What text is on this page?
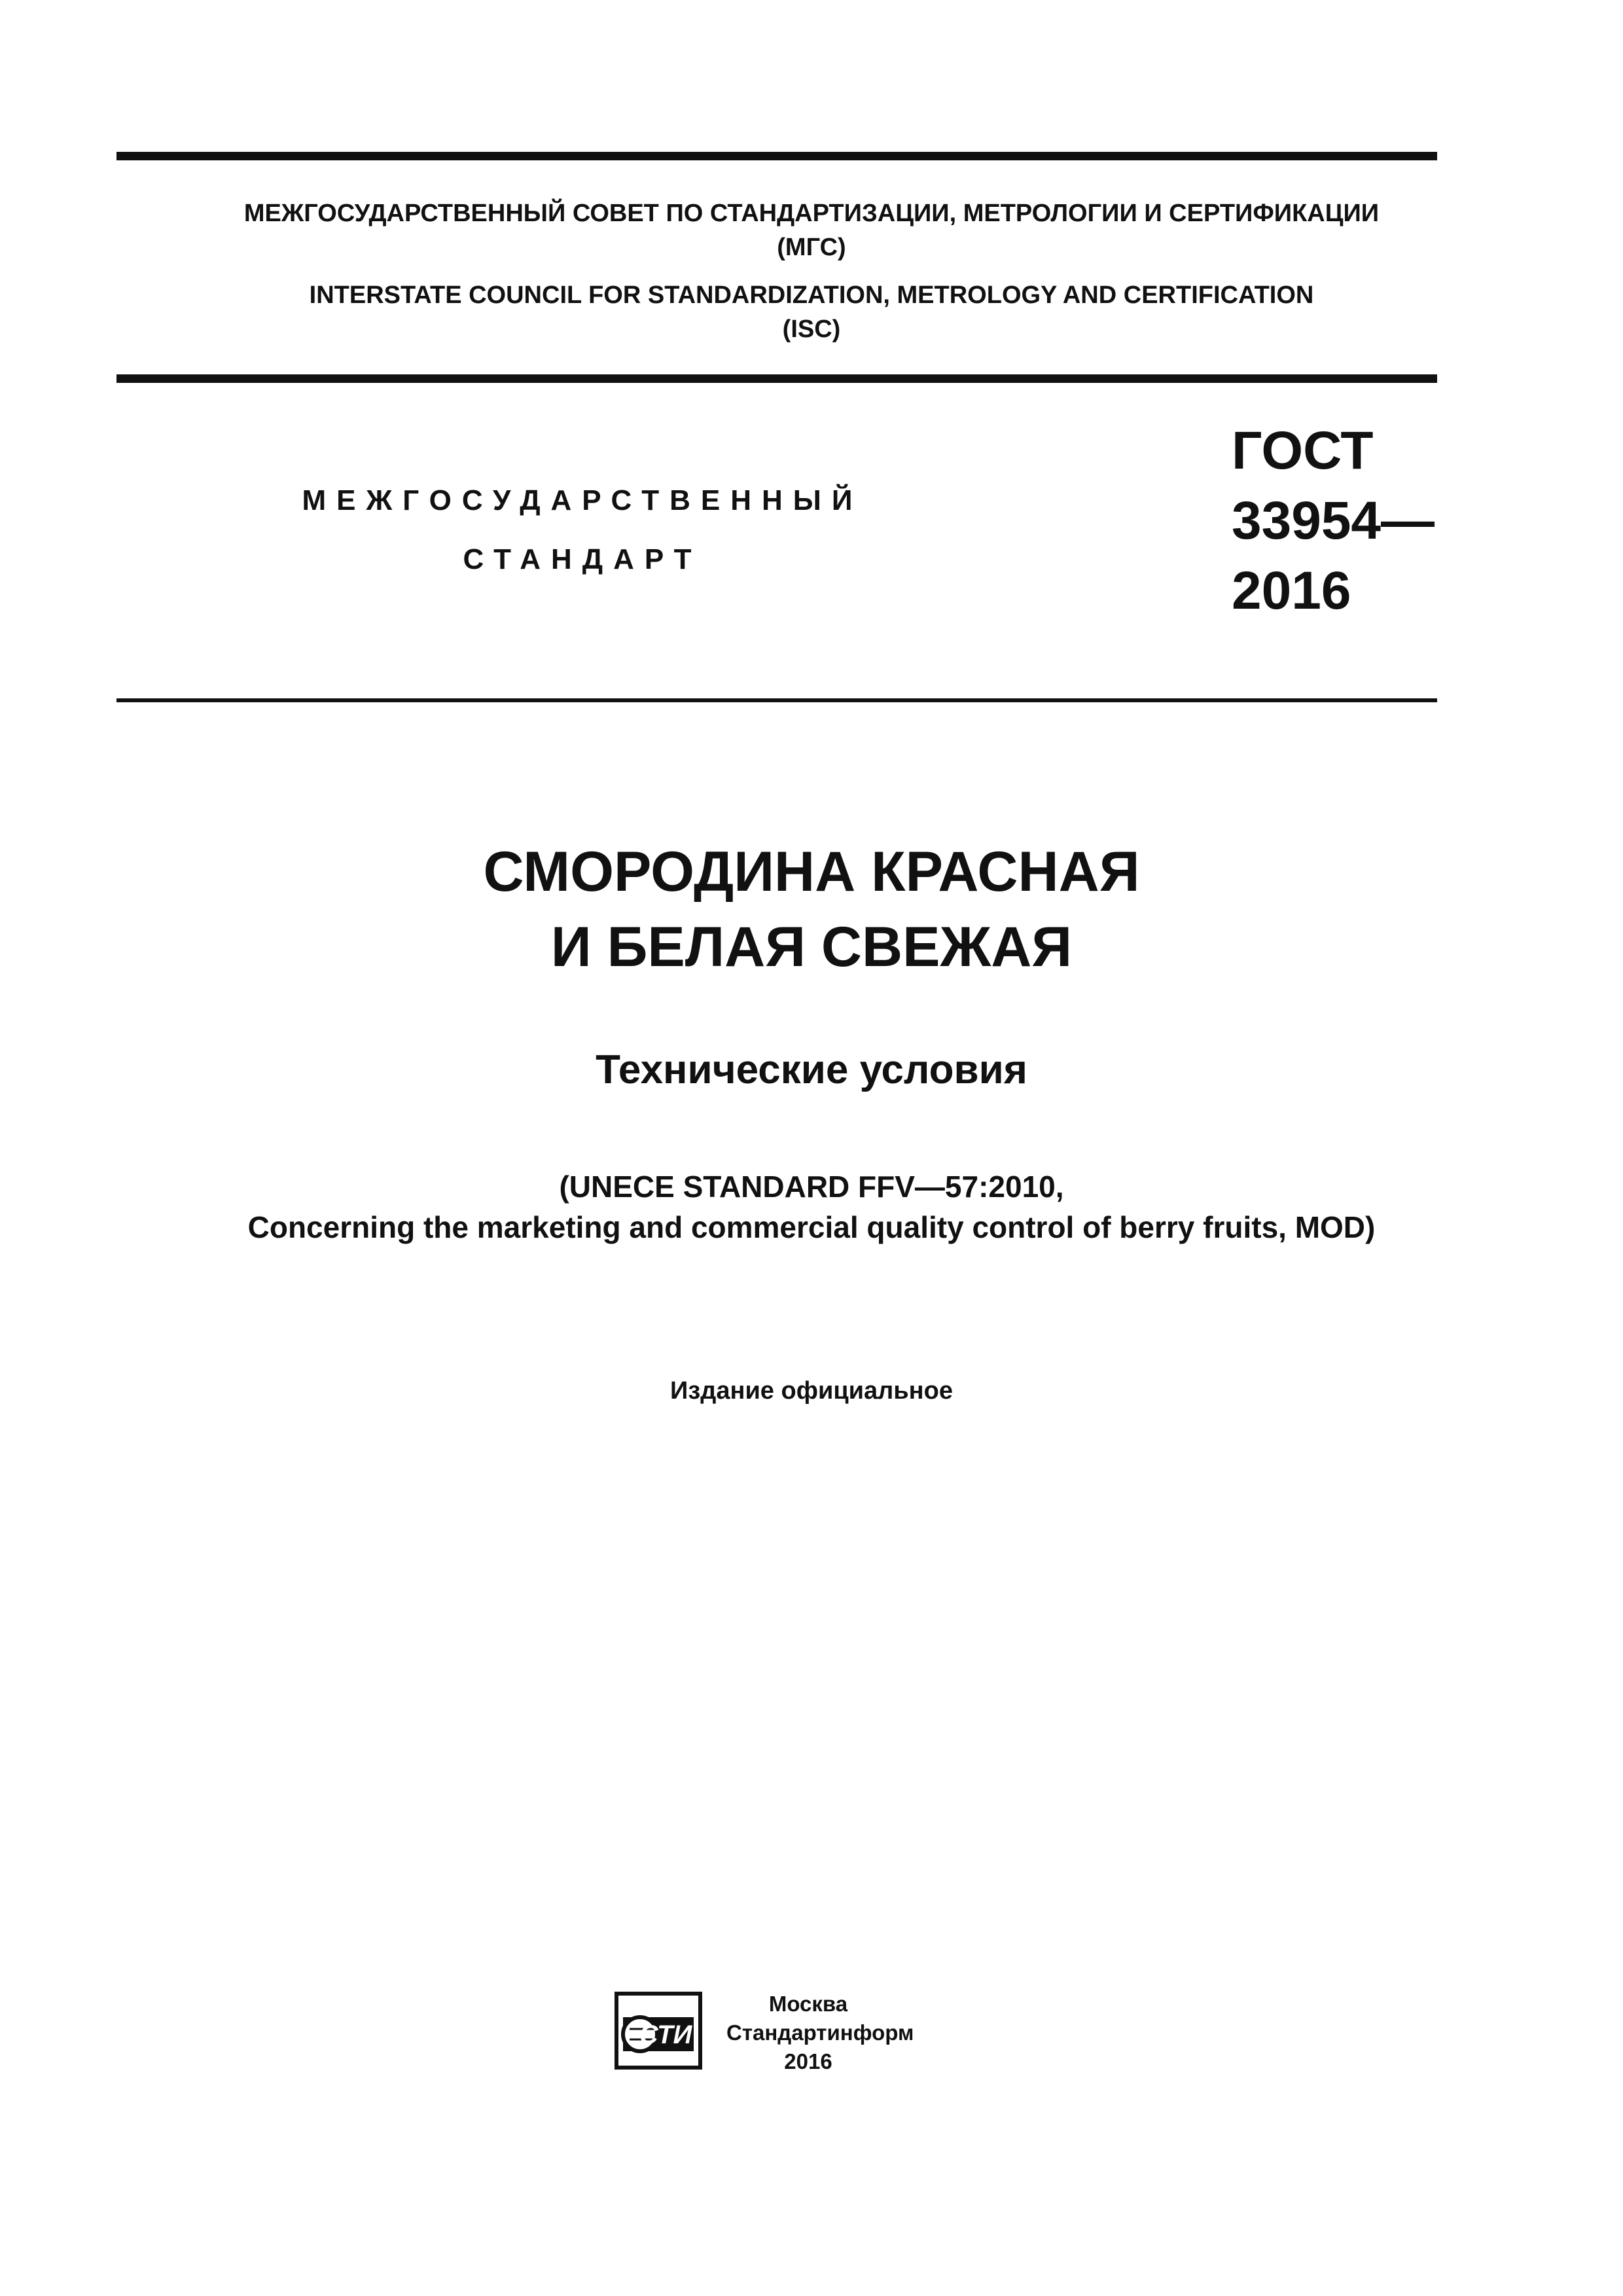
МЕЖГОСУДАРСТВЕННЫЙ СОВЕТ ПО СТАНДАРТИЗАЦИИ, МЕТРОЛОГИИ И СЕРТИФИКАЦИИ
(МГС)
INTERSTATE COUNCIL FOR STANDARDIZATION, METROLOGY AND CERTIFICATION
(ISC)
МЕЖГОСУДАРСТВЕННЫЙ
СТАНДАРТ
ГОСТ
33954—
2016
СМОРОДИНА КРАСНАЯ
И БЕЛАЯ СВЕЖАЯ
Технические условия
(UNECE STANDARD FFV—57:2010,
Concerning the marketing and commercial quality control of berry fruits, MOD)
Издание официальное
СТИ
Москва
Стандартинформ
2016
